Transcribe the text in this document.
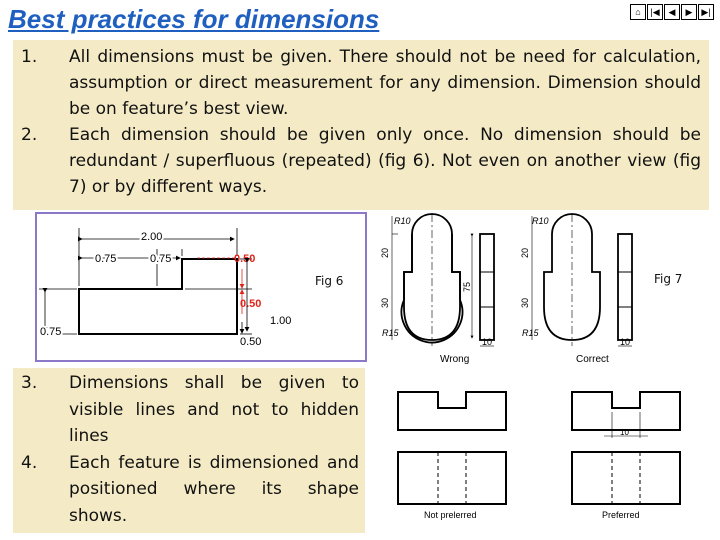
Best practices for dimensions	⌂	|◀ ◀	▶ ▶|
1.	All dimensions must be given. There should not be need for calculation, assumption or direct measurement for any dimension. Dimension should be on feature’s best view.
2.	Each dimension should be given only once. No dimension should be redundant / superfluous (repeated) (fig 6). Not even on another view (fig 7) or by different ways.
2.00
0.75	0.75	0.50
0.50
1.00
0.50
0.75
Fig 6
R10
20
30
R15
75
10
Wrong
R10
20
30
R15
10
Correct
Fig 7
3.	Dimensions shall be given to visible lines and not to hidden lines
4.	Each feature is dimensioned and positioned where its shape shows.	Not prelerred
10
Preferred
